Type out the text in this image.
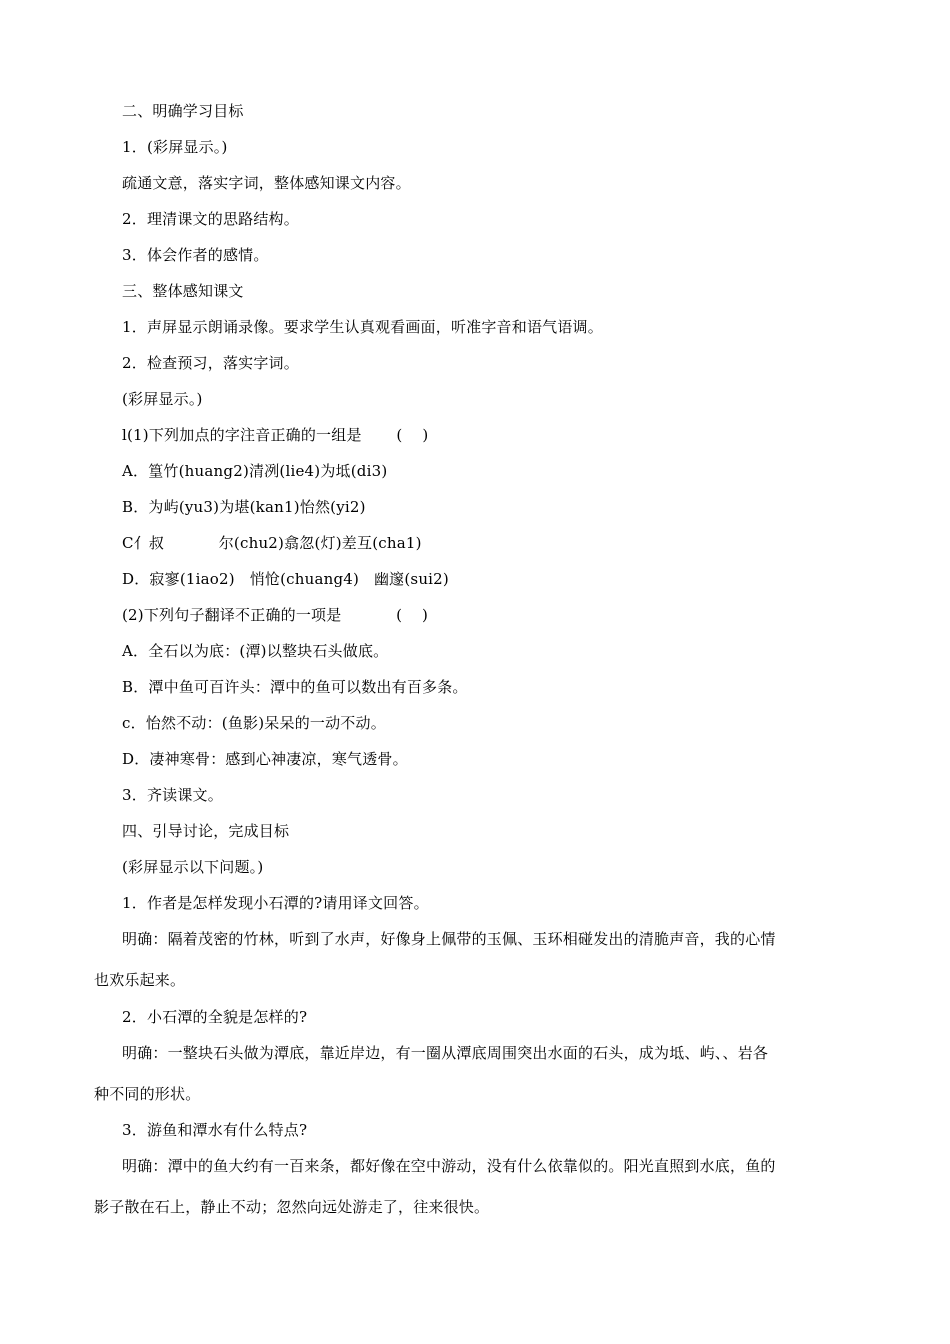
二、明确学习目标
1．(彩屏显示。)
疏通文意，落实字词，整体感知课文内容。
2．理清课文的思路结构。
3．体会作者的感情。
三、整体感知课文
1．声屏显示朗诵录像。要求学生认真观看画面，听准字音和语气语调。
2．检查预习，落实字词。
(彩屏显示。)
l(1)下列加点的字注音正确的一组是       (    )
A．篁竹(huang2)清冽(lie4)为坻(di3)
B．为屿(yu3)为堪(kan1)怡然(yi2)
C亻叔           尔(chu2)翕忽(灯)差互(cha1)
D．寂寥(1iao2)   悄怆(chuang4)   幽邃(sui2)
(2)下列句子翻译不正确的一项是           (    )
A．全石以为底：(潭)以整块石头做底。
B．潭中鱼可百许头：潭中的鱼可以数出有百多条。
c．怡然不动：(鱼影)呆呆的一动不动。
D．凄神寒骨：感到心神凄凉，寒气透骨。
3．齐读课文。
四、引导讨论，完成目标
(彩屏显示以下问题。)
1．作者是怎样发现小石潭的?请用译文回答。
明确：隔着茂密的竹林，听到了水声，好像身上佩带的玉佩、玉环相碰发出的清脆声音，我的心情
也欢乐起来。
2．小石潭的全貌是怎样的?
明确：一整块石头做为潭底，靠近岸边，有一圈从潭底周围突出水面的石头，成为坻、屿、、岩各
种不同的形状。
3．游鱼和潭水有什么特点?
明确：潭中的鱼大约有一百来条，都好像在空中游动，没有什么依靠似的。阳光直照到水底，鱼的
影子散在石上，静止不动；忽然向远处游走了，往来很快。
